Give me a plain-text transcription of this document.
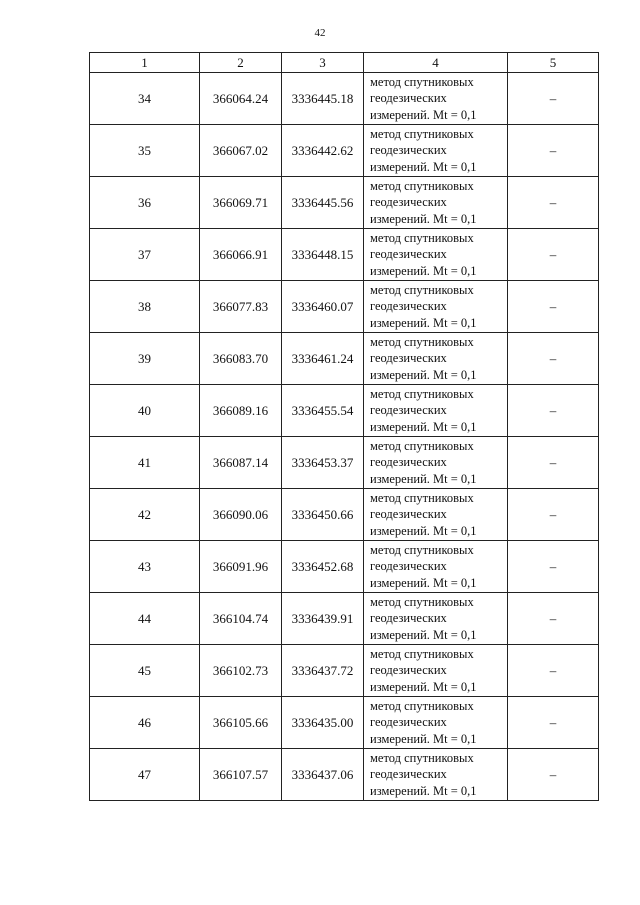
42
1	2	3	4	5
34	366064.24	3336445.18	метод спутниковых
геодезических
измерений. Mt = 0,1	–
35	366067.02	3336442.62	метод спутниковых
геодезических
измерений. Mt = 0,1	–
36	366069.71	3336445.56	метод спутниковых
геодезических
измерений. Mt = 0,1	–
37	366066.91	3336448.15	метод спутниковых
геодезических
измерений. Mt = 0,1	–
38	366077.83	3336460.07	метод спутниковых
геодезических
измерений. Mt = 0,1	–
39	366083.70	3336461.24	метод спутниковых
геодезических
измерений. Mt = 0,1	–
40	366089.16	3336455.54	метод спутниковых
геодезических
измерений. Mt = 0,1	–
41	366087.14	3336453.37	метод спутниковых
геодезических
измерений. Mt = 0,1	–
42	366090.06	3336450.66	метод спутниковых
геодезических
измерений. Mt = 0,1	–
43	366091.96	3336452.68	метод спутниковых
геодезических
измерений. Mt = 0,1	–
44	366104.74	3336439.91	метод спутниковых
геодезических
измерений. Mt = 0,1	–
45	366102.73	3336437.72	метод спутниковых
геодезических
измерений. Mt = 0,1	–
46	366105.66	3336435.00	метод спутниковых
геодезических
измерений. Mt = 0,1	–
47	366107.57	3336437.06	метод спутниковых
геодезических
измерений. Mt = 0,1	–
